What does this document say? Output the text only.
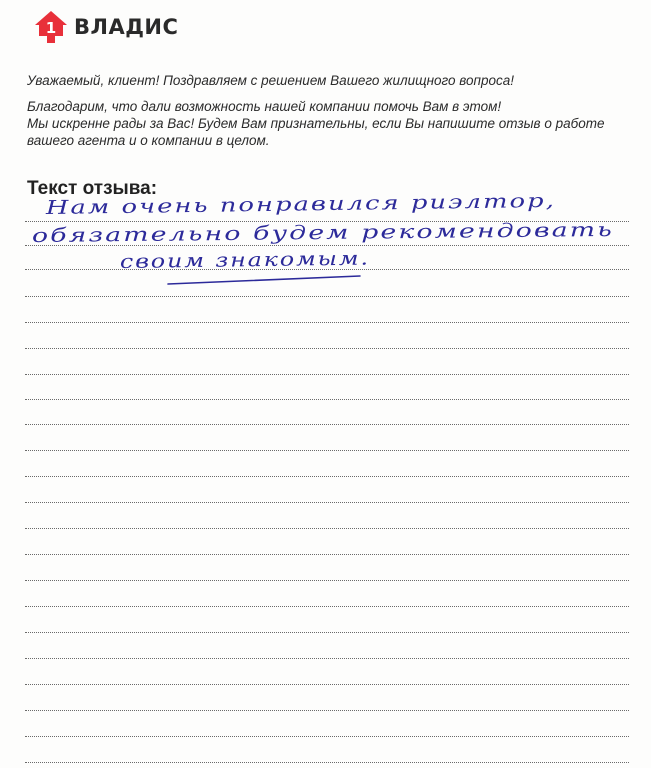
1 ВЛАДИС

Уважаемый, клиент! Поздравляем с решением Вашего жилищного вопроса!

Благодарим, что дали возможность нашей компании помочь Вам в этом!

Мы искренне рады за Вас! Будем Вам признательны, если Вы напишите отзыв о работе

вашего агента и о компании в целом.

Текст отзыва:
Нам очень понравился риэлтор,
обязательно будем рекомендовать
своим знакомым.
